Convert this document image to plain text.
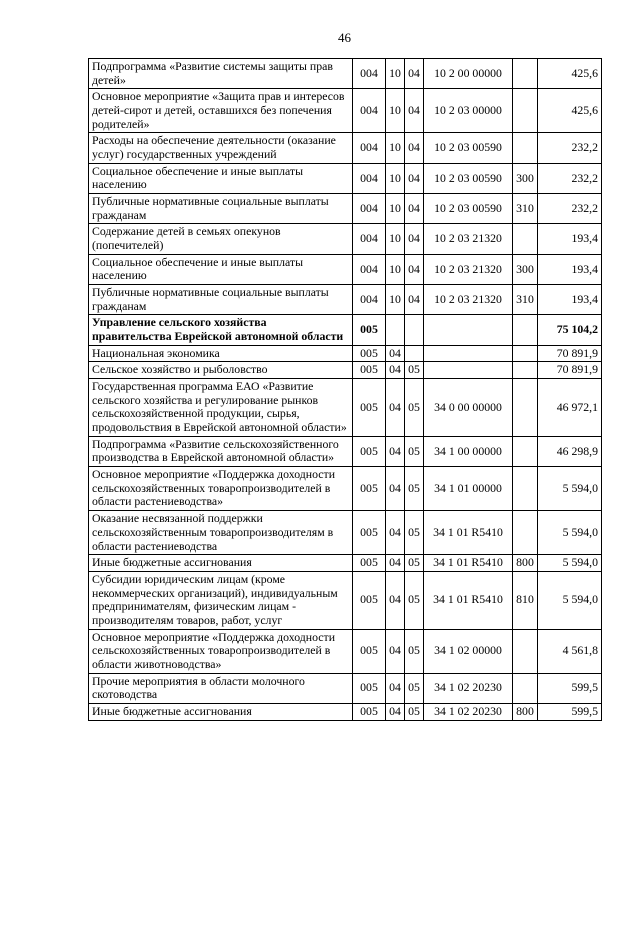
46
Подпрограмма «Развитие системы защиты прав детей»	004	10	04	10 2 00 00000		425,6
Основное мероприятие «Защита прав и интересов детей-сирот и детей, оставшихся без попечения родителей»	004	10	04	10 2 03 00000		425,6
Расходы на обеспечение деятельности (оказание услуг) государственных учреждений	004	10	04	10 2 03 00590		232,2
Социальное обеспечение и иные выплаты населению	004	10	04	10 2 03 00590	300	232,2
Публичные нормативные социальные выплаты гражданам	004	10	04	10 2 03 00590	310	232,2
Содержание детей в семьях опекунов (попечителей)	004	10	04	10 2 03 21320		193,4
Социальное обеспечение и иные выплаты населению	004	10	04	10 2 03 21320	300	193,4
Публичные нормативные социальные выплаты гражданам	004	10	04	10 2 03 21320	310	193,4
Управление сельского хозяйства правительства Еврейской автономной области	005					75 104,2
Национальная экономика	005	04				70 891,9
Сельское хозяйство и рыболовство	005	04	05			70 891,9
Государственная программа ЕАО «Развитие сельского хозяйства и регулирование рынков сельскохозяйственной продукции, сырья, продовольствия в Еврейской автономной области»	005	04	05	34 0 00 00000		46 972,1
Подпрограмма «Развитие сельскохозяйственного производства в Еврейской автономной области»	005	04	05	34 1 00 00000		46 298,9
Основное мероприятие «Поддержка доходности сельскохозяйственных товаропроизводителей в области растениеводства»	005	04	05	34 1 01 00000		5 594,0
Оказание несвязанной поддержки сельскохозяйственным товаропроизводителям в области растениеводства	005	04	05	34 1 01 R5410		5 594,0
Иные бюджетные ассигнования	005	04	05	34 1 01 R5410	800	5 594,0
Субсидии юридическим лицам (кроме некоммерческих организаций), индивидуальным предпринимателям, физическим лицам - производителям товаров, работ, услуг	005	04	05	34 1 01 R5410	810	5 594,0
Основное мероприятие «Поддержка доходности сельскохозяйственных товаропроизводителей в области животноводства»	005	04	05	34 1 02 00000		4 561,8
Прочие мероприятия в области молочного скотоводства	005	04	05	34 1 02 20230		599,5
Иные бюджетные ассигнования	005	04	05	34 1 02 20230	800	599,5
